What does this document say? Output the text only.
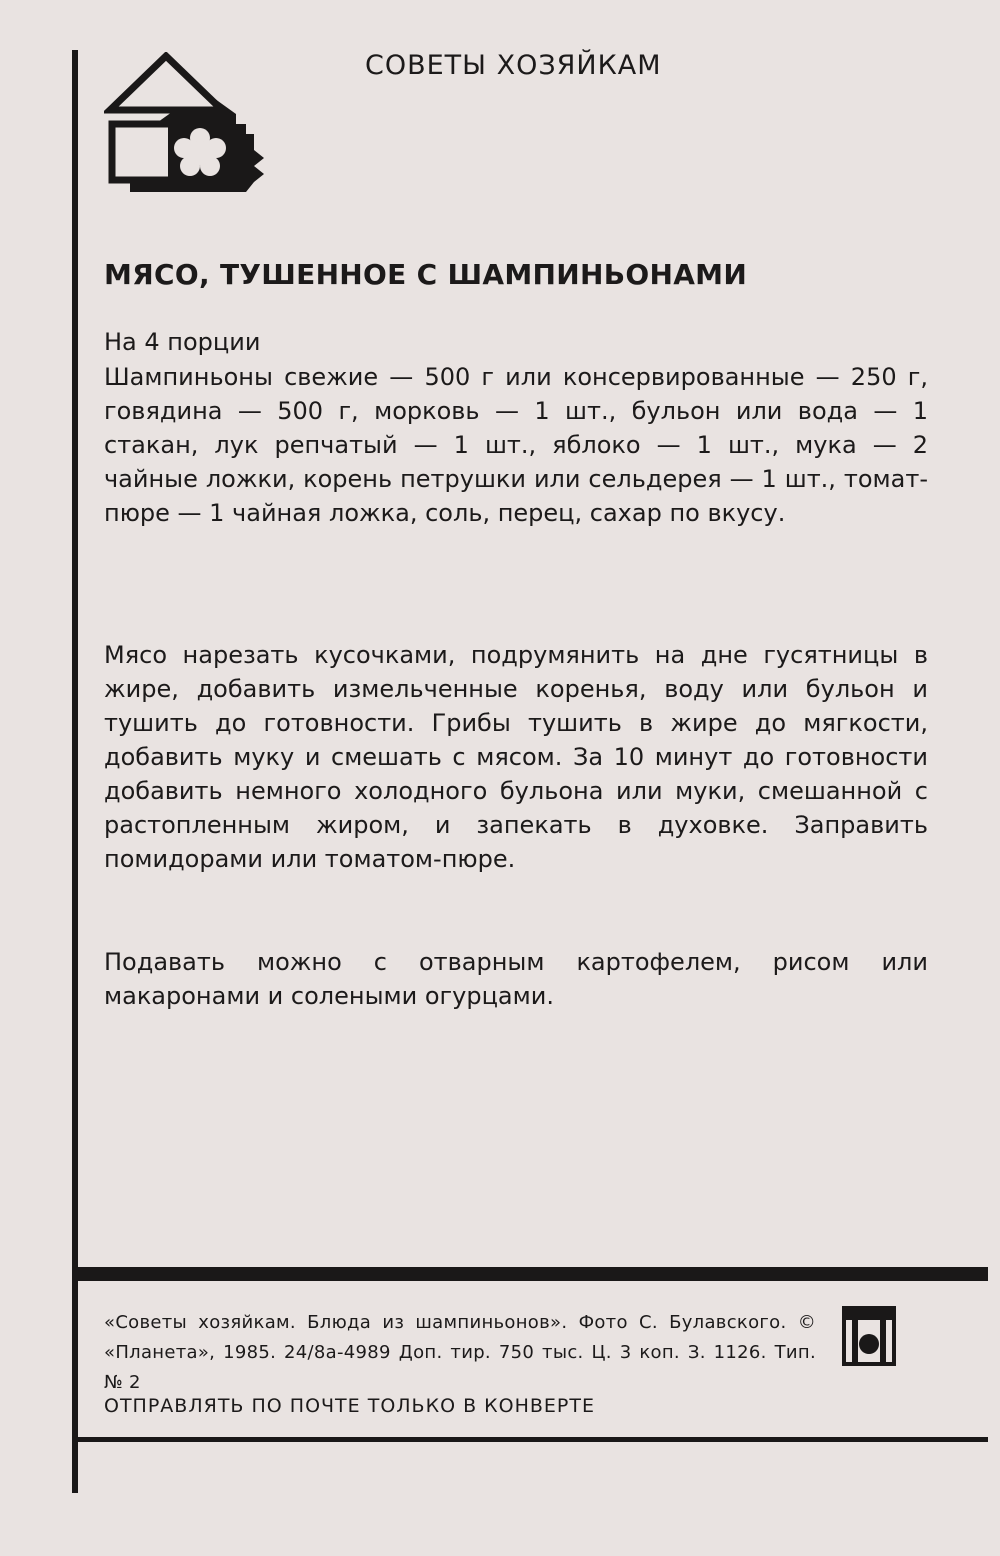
СОВЕТЫ ХОЗЯЙКАМ
МЯСО, ТУШЕННОЕ С ШАМПИНЬОНАМИ
На 4 порции

Шампиньоны свежие — 500 г или консервированные — 250 г, говядина — 500 г, морковь — 1 шт., бульон или вода — 1 стакан, лук репчатый — 1 шт., яблоко — 1 шт., мука — 2 чайные ложки, корень петрушки или сельдерея — 1 шт., томат-пюре — 1 чайная ложка, соль, перец, сахар по вкусу.

Мясо нарезать кусочками, подрумянить на дне гусятницы в жире, добавить измельченные коренья, воду или бульон и тушить до готовности. Грибы тушить в жире до мягкости, добавить муку и смешать с мясом. За 10 минут до готовности добавить немного холодного бульона или муки, смешанной с растопленным жиром, и запекать в духовке. Заправить помидорами или томатом-пюре.

Подавать можно с отварным картофелем, рисом или макаронами и солеными огурцами.

«Советы хозяйкам. Блюда из шампиньонов». Фото С. Булавского. © «Планета», 1985. 24/8а-4989 Доп. тир. 750 тыс. Ц. 3 коп. З. 1126. Тип. № 2

ОТПРАВЛЯТЬ ПО ПОЧТЕ ТОЛЬКО В КОНВЕРТЕ
